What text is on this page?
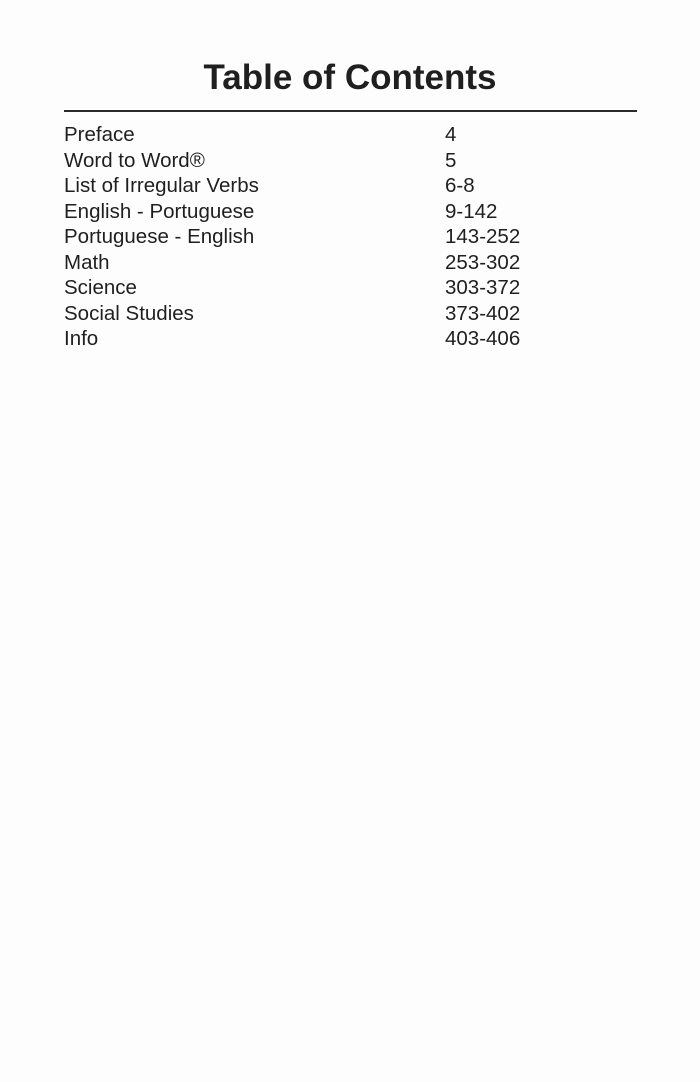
Table of Contents
Preface	4
Word to Word®	5
List of Irregular Verbs	6-8
English - Portuguese	9-142
Portuguese - English	143-252
Math	253-302
Science	303-372
Social Studies	373-402
Info	403-406
